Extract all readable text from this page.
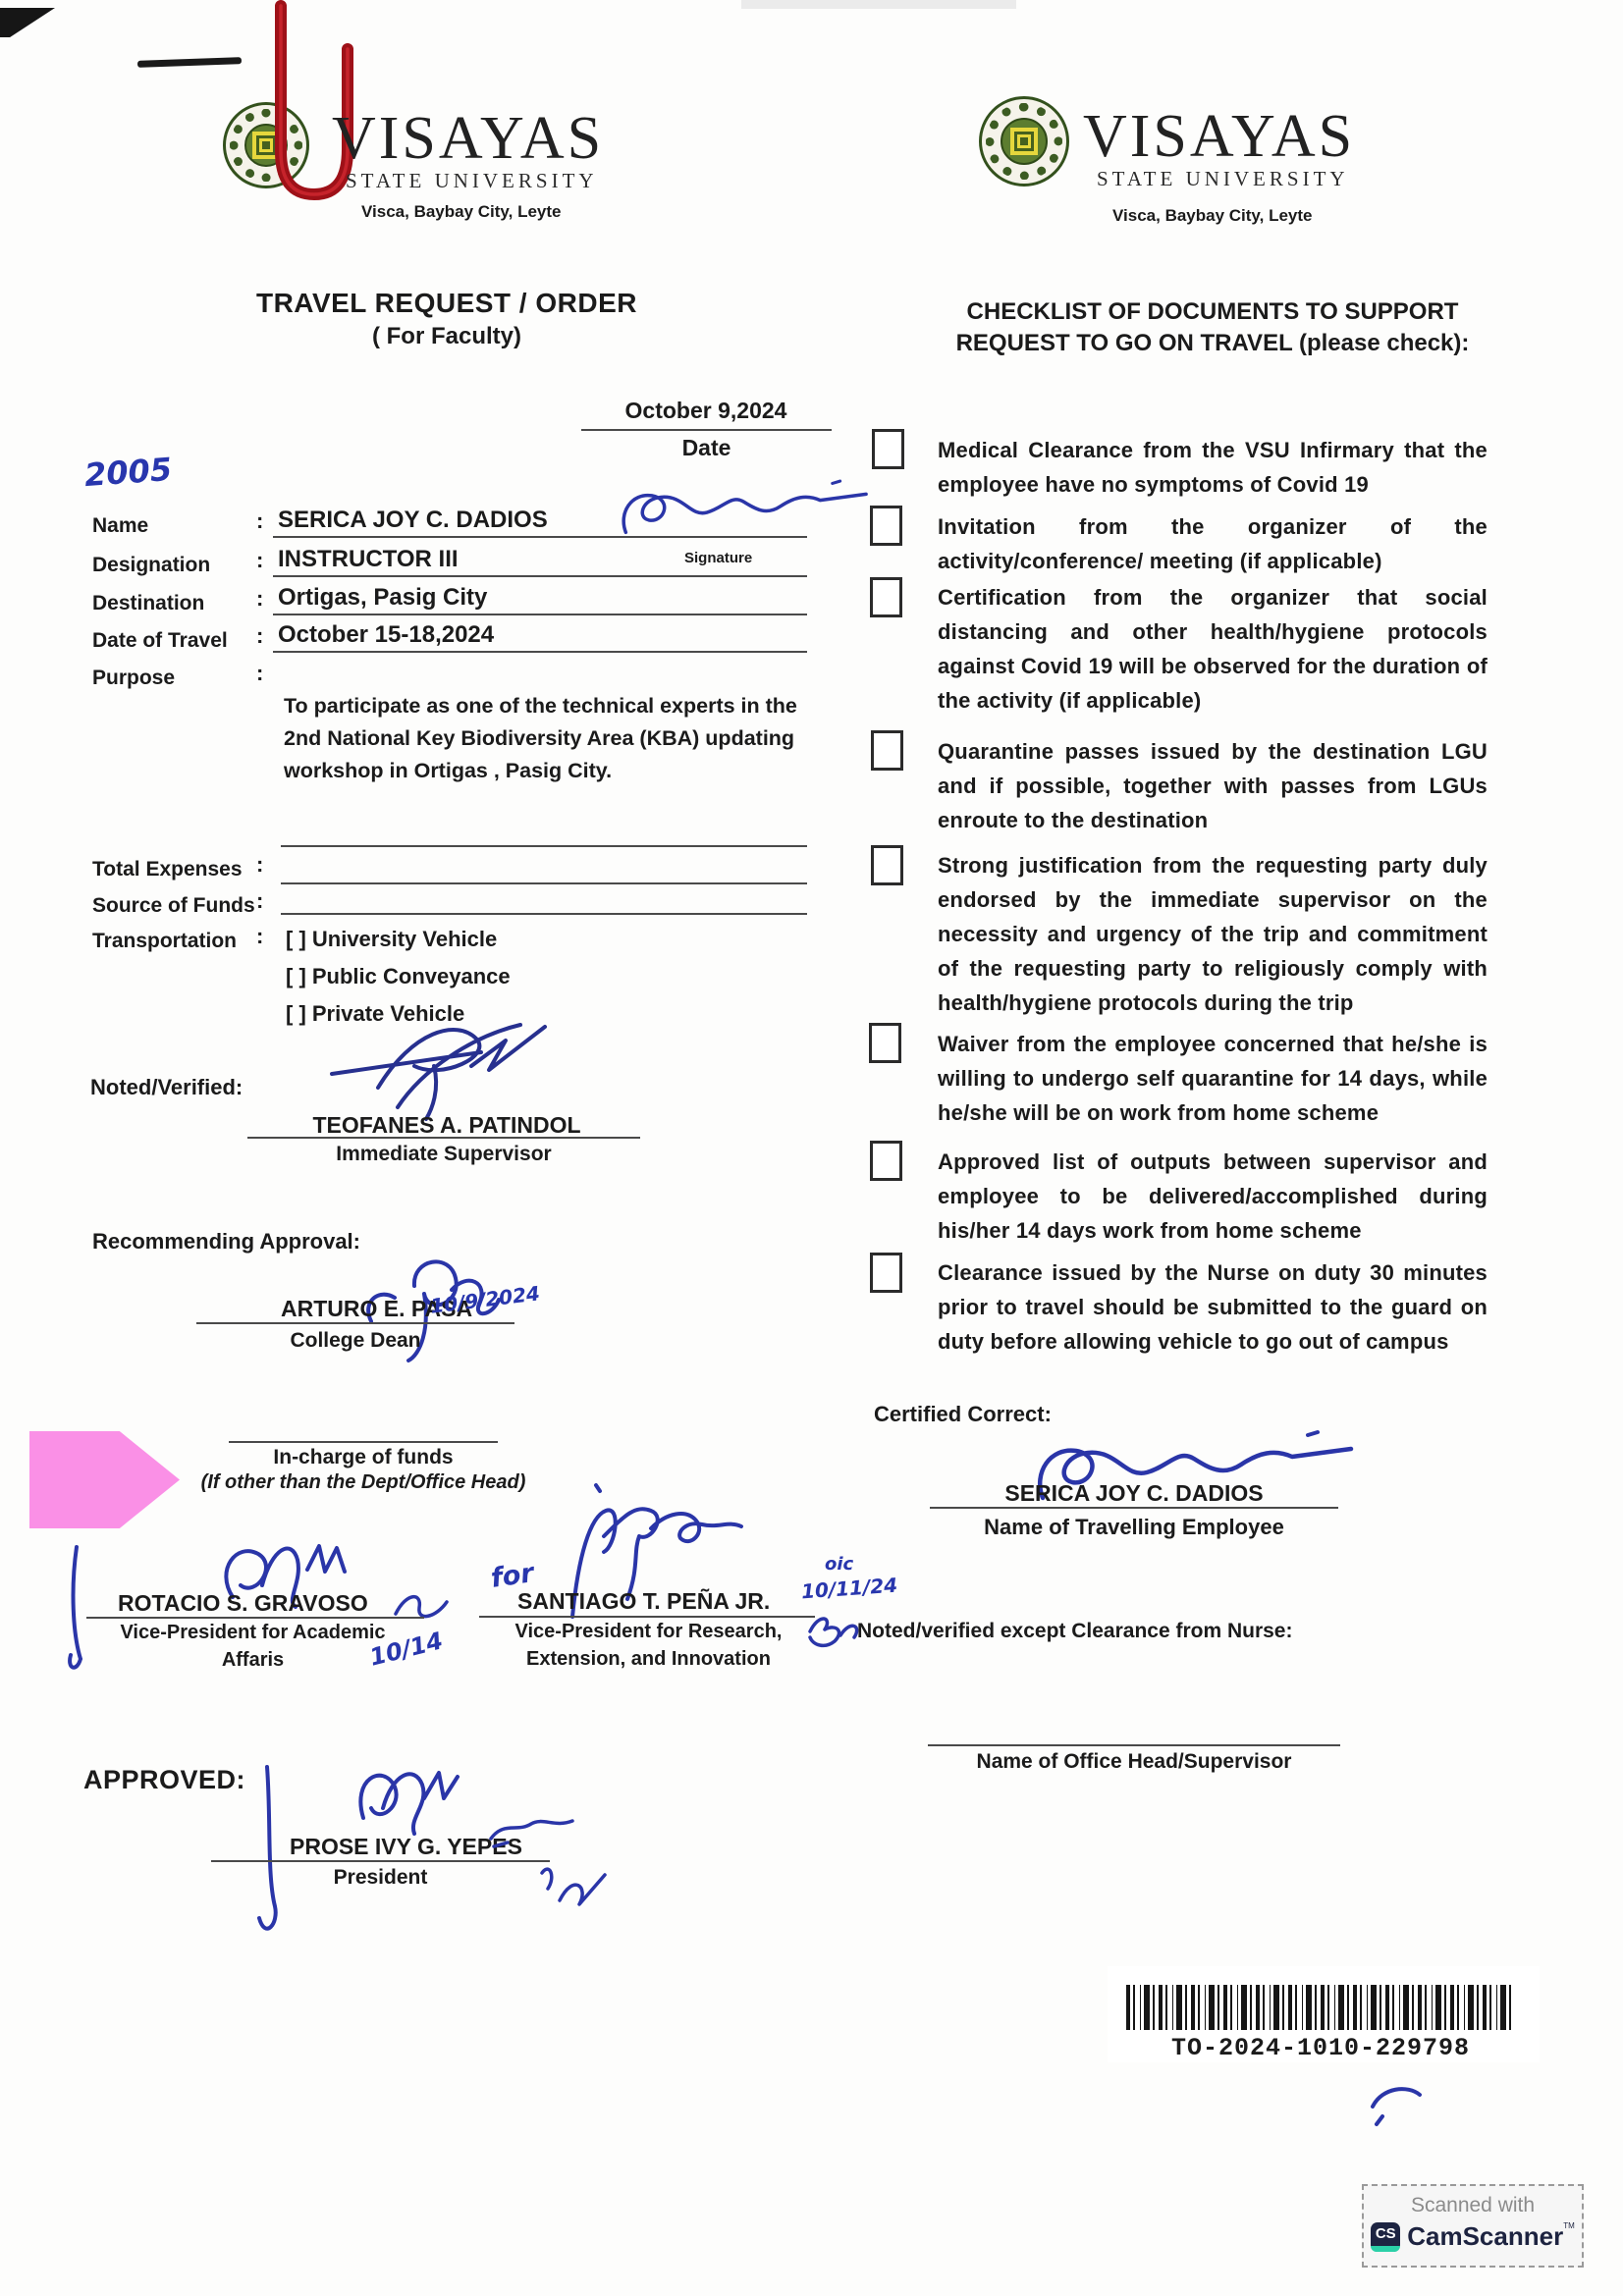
VISAYAS
STATE UNIVERSITY
Visca, Baybay City, Leyte
TRAVEL REQUEST / ORDER
( For Faculty)
October 9,2024
Date
2005
Name	: SERICA JOY C. DADIOS
Designation : INSTRUCTOR III
Destination : Ortigas, Pasig City
Date of Travel : October 15-18,2024
Purpose	:
To participate as one of the technical experts in the 2nd National Key Biodiversity Area (KBA) updating workshop in Ortigas , Pasig City.
Signature
Total Expenses :
Source of Funds :
Transportation : [ ] University Vehicle
[ ] Public Conveyance
[ ] Private Vehicle
Noted/Verified:
TEOFANES A. PATINDOL
Immediate Supervisor
Recommending Approval:
ARTURO E. PASA
10/9/2024
College Dean
In-charge of funds
(If other than the Dept/Office Head)
ROTACIO S. GRAVOSO
Vice-President for Academic
Affaris	10/14
for
SANTIAGO T. PEÑA JR.
Vice-President for Research,
Extension, and Innovation
oic
10/11/24
APPROVED:
PROSE IVY G. YEPES
President
VISAYAS
STATE UNIVERSITY
Visca, Baybay City, Leyte
CHECKLIST OF DOCUMENTS TO SUPPORT
REQUEST TO GO ON TRAVEL (please check):
Medical Clearance from the VSU Infirmary that the employee have no symptoms of Covid 19
Invitation from the organizer of the activity/conference/ meeting (if applicable)
Certification from the organizer that social distancing and other health/hygiene protocols against Covid 19 will be observed for the duration of the activity (if applicable)
Quarantine passes issued by the destination LGU and if possible, together with passes from LGUs enroute to the destination
Strong justification from the requesting party duly endorsed by the immediate supervisor on the necessity and urgency of the trip and commitment of the requesting party to religiously comply with health/hygiene protocols during the trip
Waiver from the employee concerned that he/she is willing to undergo self quarantine for 14 days, while he/she will be on work from home scheme
Approved list of outputs between supervisor and employee to be delivered/accomplished during his/her 14 days work from home scheme
Clearance issued by the Nurse on duty 30 minutes prior to travel should be submitted to the guard on duty before allowing vehicle to go out of campus
Certified Correct:
SERICA JOY C. DADIOS
Name of Travelling Employee
Noted/verified except Clearance from Nurse:
Name of Office Head/Supervisor
TO-2024-1010-229798
Scanned with
CS CamScanner™
